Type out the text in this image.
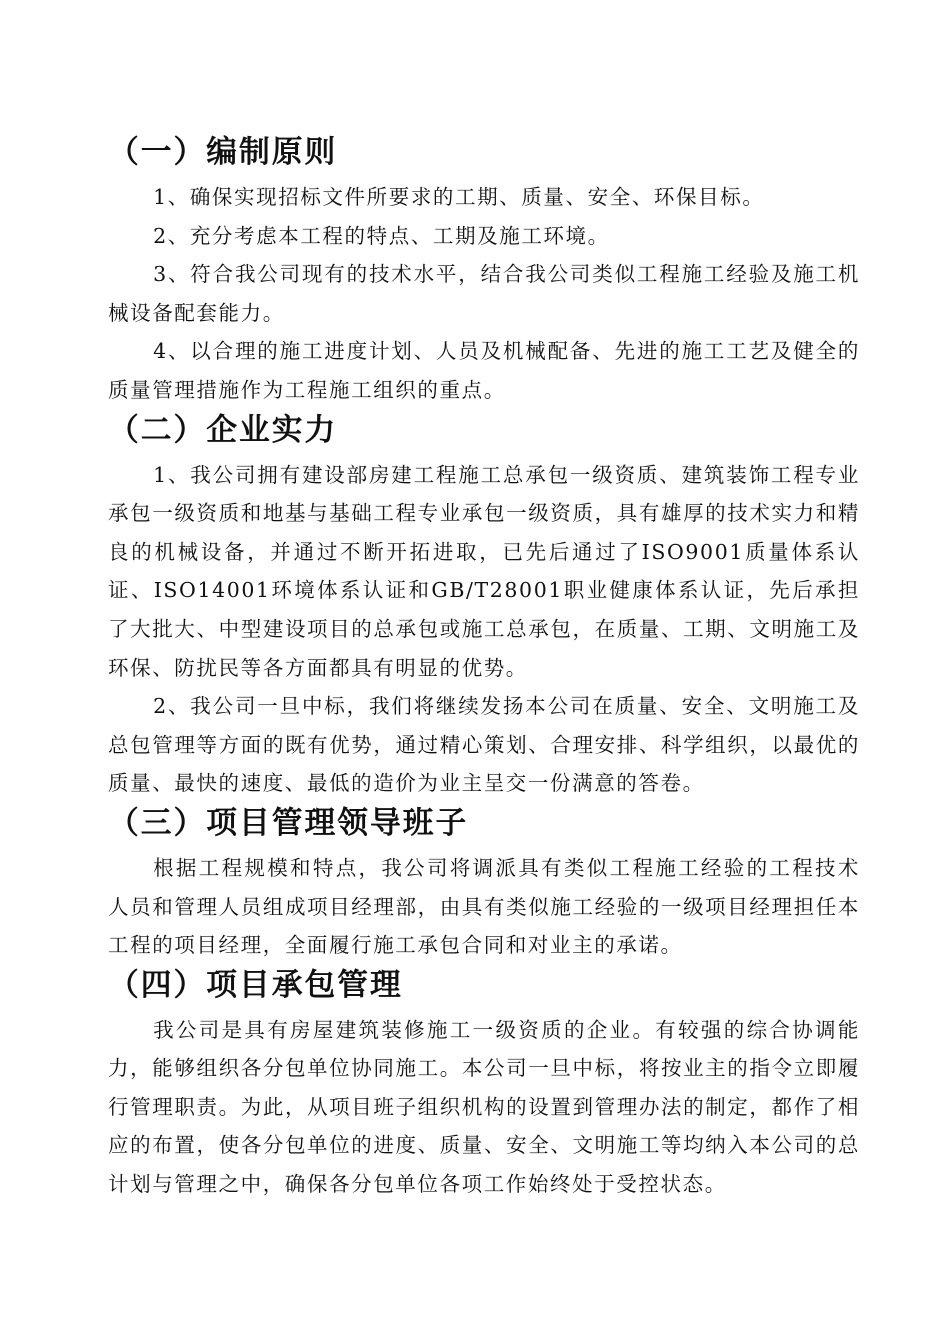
（一）编制原则

1、确保实现招标文件所要求的工期、质量、安全、环保目标。

2、充分考虑本工程的特点、工期及施工环境。

3、符合我公司现有的技术水平，结合我公司类似工程施工经验及施工机械设备配套能力。

4、以合理的施工进度计划、人员及机械配备、先进的施工工艺及健全的质量管理措施作为工程施工组织的重点。

（二）企业实力

1、我公司拥有建设部房建工程施工总承包一级资质、建筑装饰工程专业承包一级资质和地基与基础工程专业承包一级资质，具有雄厚的技术实力和精良的机械设备，并通过不断开拓进取，已先后通过了ISO9001质量体系认证、ISO14001环境体系认证和GB/T28001职业健康体系认证，先后承担了大批大、中型建设项目的总承包或施工总承包，在质量、工期、文明施工及环保、防扰民等各方面都具有明显的优势。

2、我公司一旦中标，我们将继续发扬本公司在质量、安全、文明施工及总包管理等方面的既有优势，通过精心策划、合理安排、科学组织，以最优的质量、最快的速度、最低的造价为业主呈交一份满意的答卷。

（三）项目管理领导班子

根据工程规模和特点，我公司将调派具有类似工程施工经验的工程技术人员和管理人员组成项目经理部，由具有类似施工经验的一级项目经理担任本工程的项目经理，全面履行施工承包合同和对业主的承诺。

（四）项目承包管理

我公司是具有房屋建筑装修施工一级资质的企业。有较强的综合协调能力，能够组织各分包单位协同施工。本公司一旦中标，将按业主的指令立即履行管理职责。为此，从项目班子组织机构的设置到管理办法的制定，都作了相应的布置，使各分包单位的进度、质量、安全、文明施工等均纳入本公司的总计划与管理之中，确保各分包单位各项工作始终处于受控状态。
